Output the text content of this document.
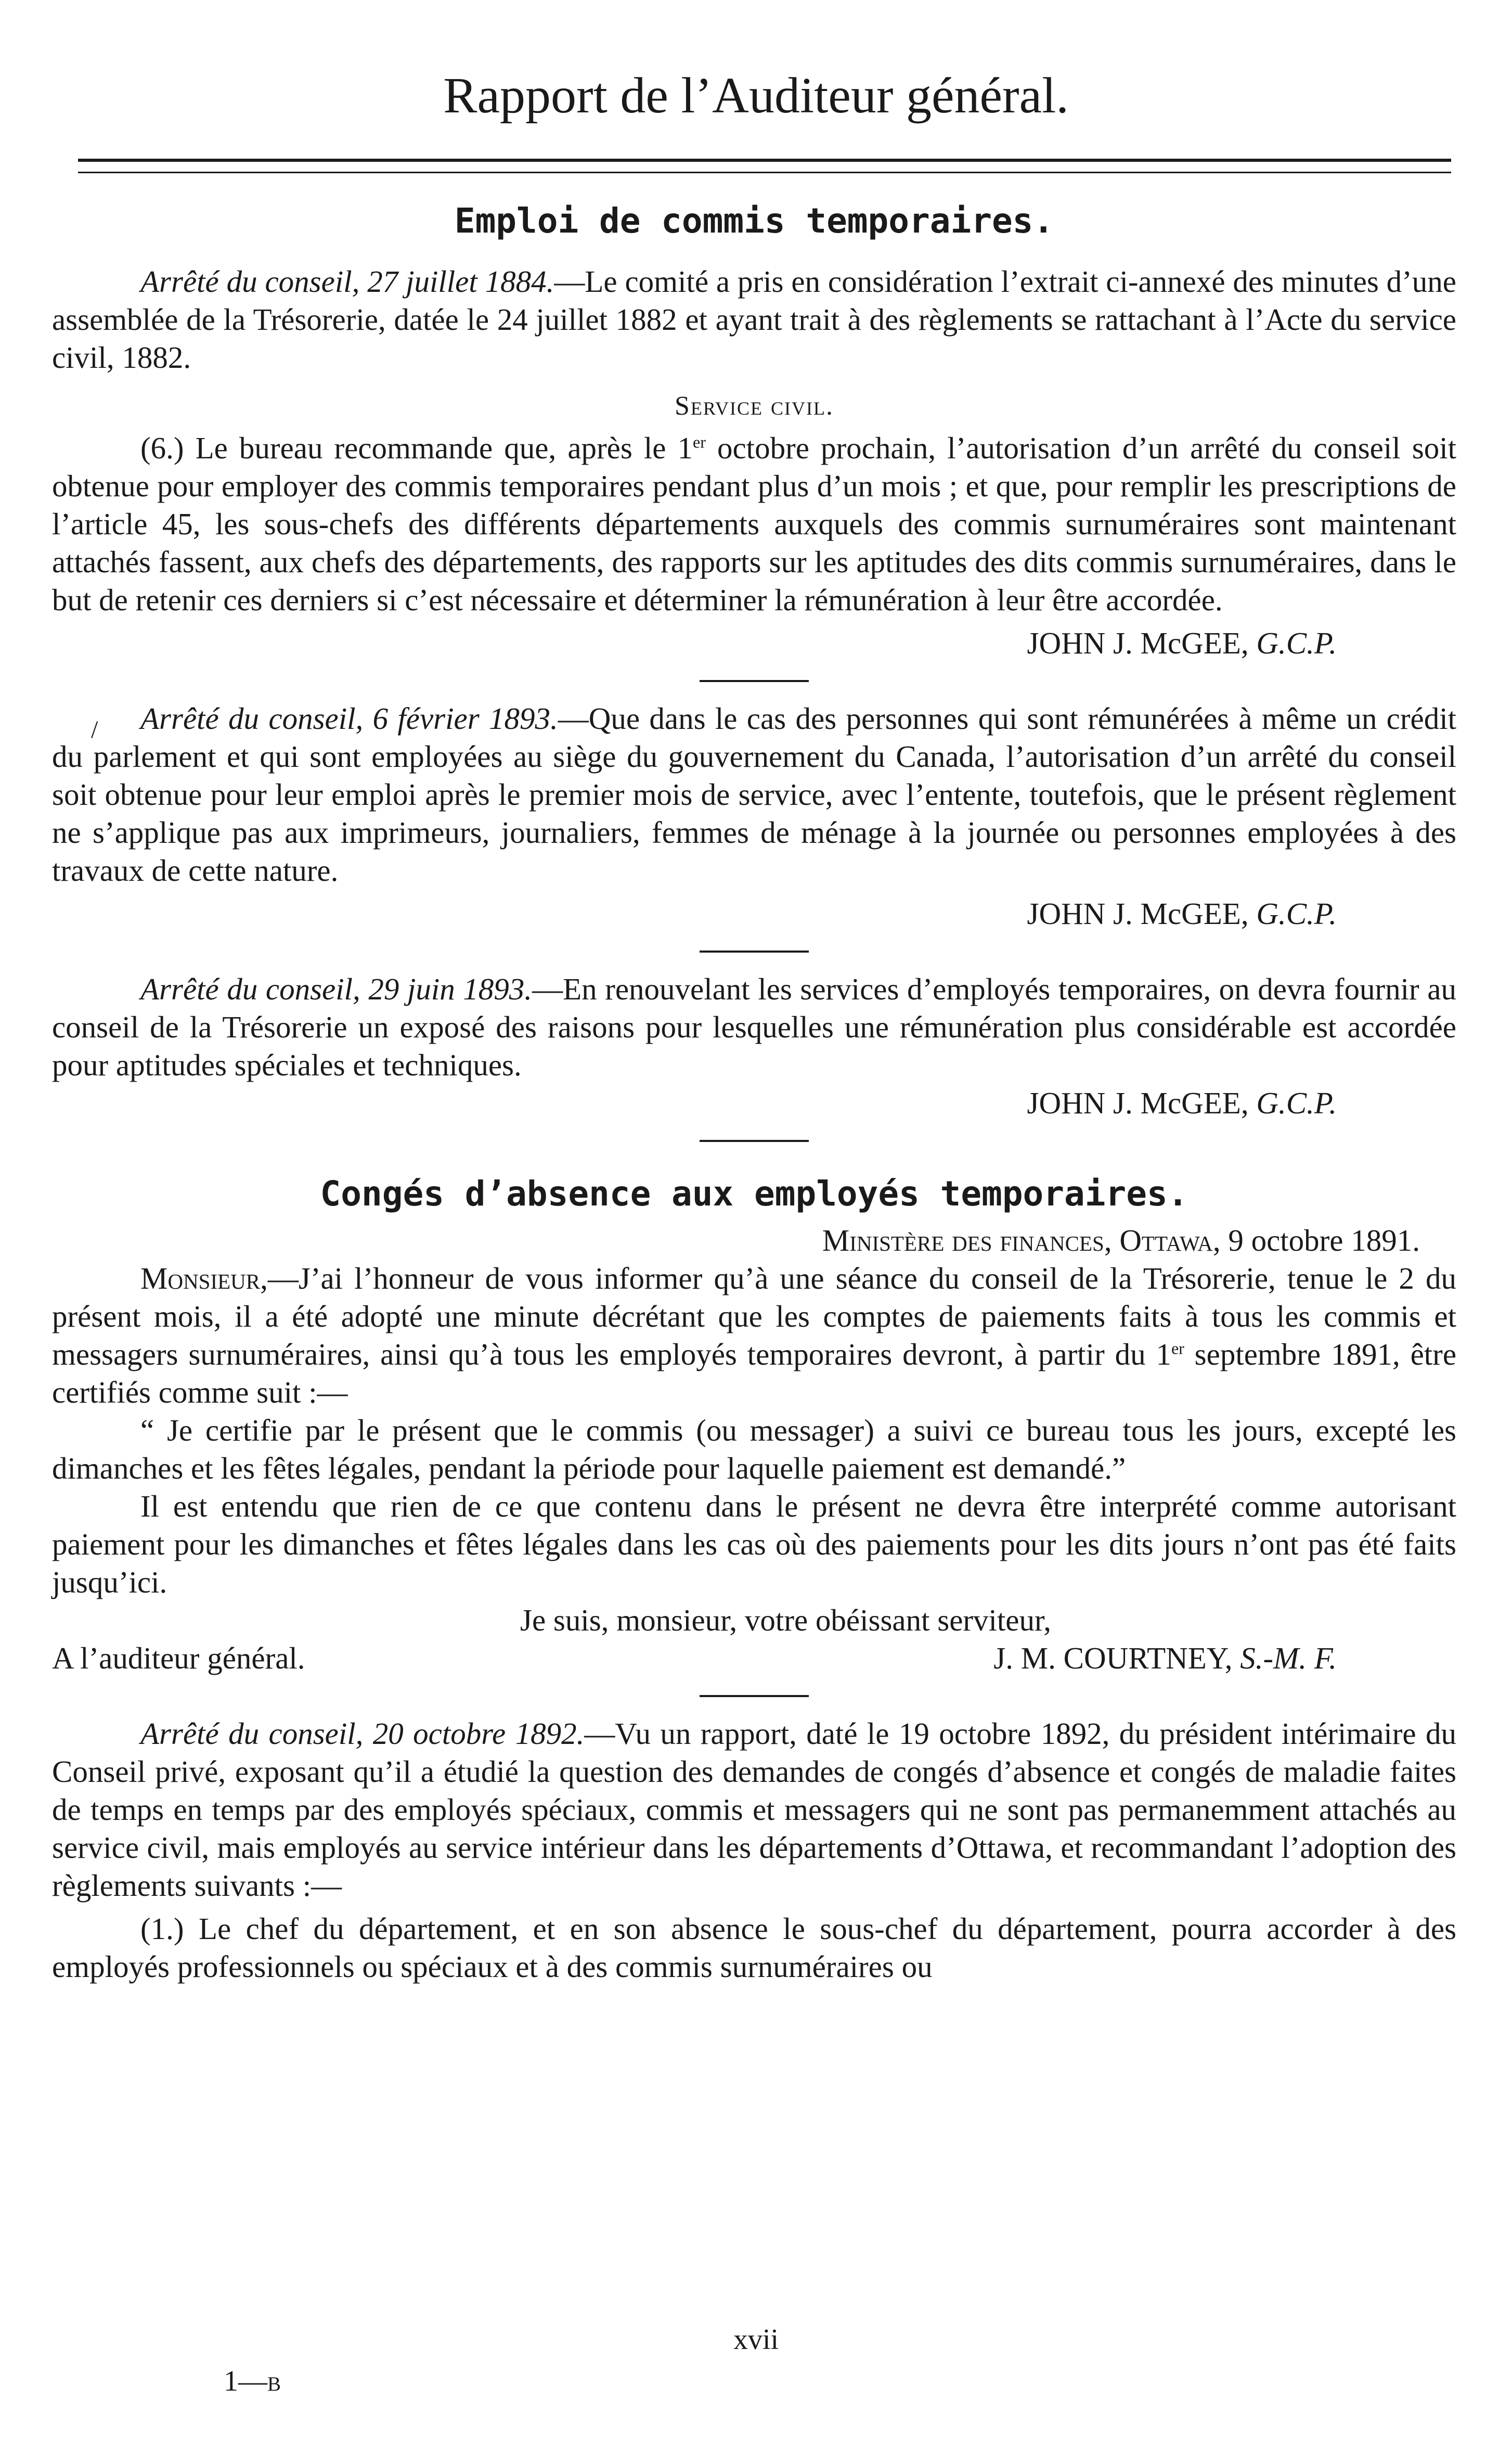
Rapport de l’Auditeur général.
/
Emploi de commis temporaires.

Arrêté du conseil, 27 juillet 1884.—Le comité a pris en considération l’extrait ci-annexé des minutes d’une assemblée de la Trésorerie, datée le 24 juillet 1882 et ayant trait à des règlements se rattachant à l’Acte du service civil, 1882.

Service civil.

(6.) Le bureau recommande que, après le 1er octobre prochain, l’autorisation d’un arrêté du conseil soit obtenue pour employer des commis temporaires pendant plus d’un mois ; et que, pour remplir les prescriptions de l’article 45, les sous-chefs des différents départements auxquels des commis surnuméraires sont maintenant attachés fassent, aux chefs des départements, des rapports sur les aptitudes des dits commis surnuméraires, dans le but de retenir ces derniers si c’est nécessaire et déterminer la rémunération à leur être accordée.

JOHN J. McGEE, G.C.P.

Arrêté du conseil, 6 février 1893.—Que dans le cas des personnes qui sont rémunérées à même un crédit du parlement et qui sont employées au siège du gouvernement du Canada, l’autorisation d’un arrêté du conseil soit obtenue pour leur emploi après le premier mois de service, avec l’entente, toutefois, que le présent règlement ne s’applique pas aux imprimeurs, journaliers, femmes de ménage à la journée ou personnes employées à des travaux de cette nature.

JOHN J. McGEE, G.C.P.

Arrêté du conseil, 29 juin 1893.—En renouvelant les services d’employés temporaires, on devra fournir au conseil de la Trésorerie un exposé des raisons pour lesquelles une rémunération plus considérable est accordée pour aptitudes spéciales et techniques.

JOHN J. McGEE, G.C.P.
Congés d’absence aux employés temporaires.

Ministère des finances, Ottawa, 9 octobre 1891.

Monsieur,—J’ai l’honneur de vous informer qu’à une séance du conseil de la Trésorerie, tenue le 2 du présent mois, il a été adopté une minute décrétant que les comptes de paiements faits à tous les commis et messagers surnuméraires, ainsi qu’à tous les employés temporaires devront, à partir du 1er septembre 1891, être certifiés comme suit :—

“ Je certifie par le présent que le commis (ou messager) a suivi ce bureau tous les jours, excepté les dimanches et les fêtes légales, pendant la période pour laquelle paiement est demandé.”

Il est entendu que rien de ce que contenu dans le présent ne devra être interprété comme autorisant paiement pour les dimanches et fêtes légales dans les cas où des paiements pour les dits jours n’ont pas été faits jusqu’ici.

Je suis, monsieur, votre obéissant serviteur,

A l’auditeur général.	J. M. COURTNEY, S.-M. F.

Arrêté du conseil, 20 octobre 1892.—Vu un rapport, daté le 19 octobre 1892, du président intérimaire du Conseil privé, exposant qu’il a étudié la question des demandes de congés d’absence et congés de maladie faites de temps en temps par des employés spéciaux, commis et messagers qui ne sont pas permanemment attachés au service civil, mais employés au service intérieur dans les départements d’Ottawa, et recommandant l’adoption des règlements suivants :—

(1.) Le chef du département, et en son absence le sous-chef du département, pourra accorder à des employés professionnels ou spéciaux et à des commis surnuméraires ou

xvii
1—b
